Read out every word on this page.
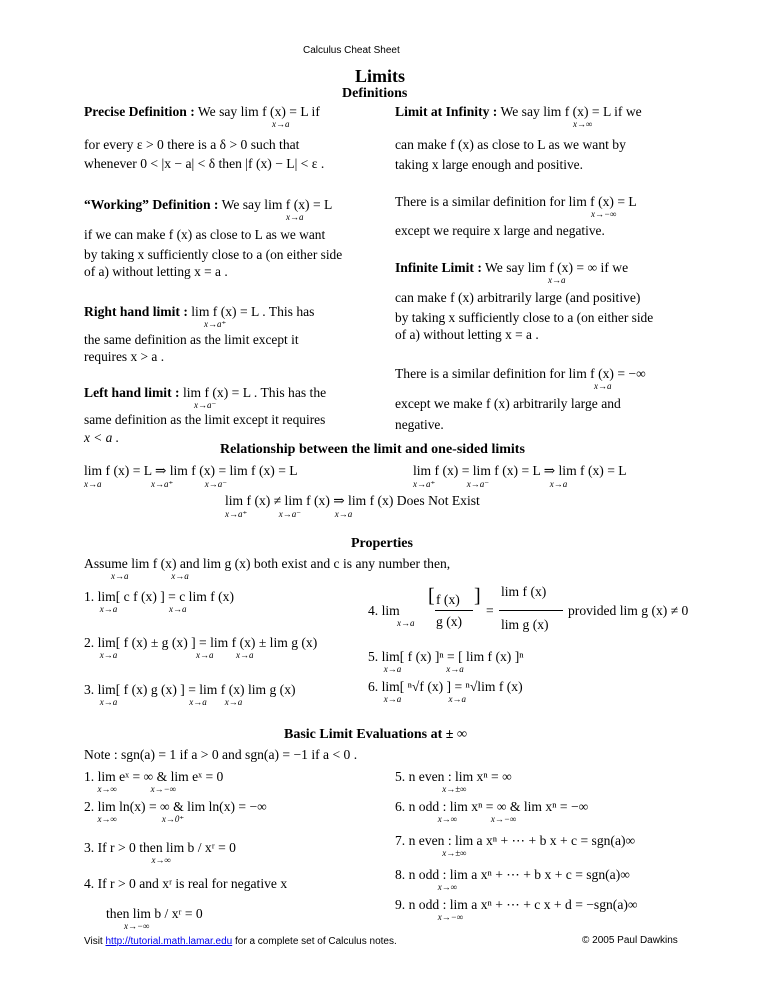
Calculus Cheat Sheet
Limits
Definitions
Precise Definition : We say lim f (x) = L if
x→a
for every ε > 0 there is a δ > 0 such that
whenever 0 < |x − a| < δ then |f (x) − L| < ε .
“Working” Definition : We say lim f (x) = L
x→a
if we can make f (x) as close to L as we want
by taking x sufficiently close to a (on either side
of a) without letting x = a .
Right hand limit : lim f (x) = L . This has
x→a⁺
the same definition as the limit except it
requires x > a .
Left hand limit : lim f (x) = L . This has the
x→a⁻
same definition as the limit except it requires
x < a .
Limit at Infinity : We say lim f (x) = L if we
x→∞
can make f (x) as close to L as we want by
taking x large enough and positive.
There is a similar definition for lim f (x) = L
x→−∞
except we require x large and negative.
Infinite Limit : We say lim f (x) = ∞ if we
x→a
can make f (x) arbitrarily large (and positive)
by taking x sufficiently close to a (on either side
of a) without letting x = a .
There is a similar definition for lim f (x) = −∞
x→a
except we make f (x) arbitrarily large and
negative.
Relationship between the limit and one-sided limits
lim f (x) = L ⇒ lim f (x) = lim f (x) = L
x→a                      x→a⁺              x→a⁻
lim f (x) = lim f (x) = L ⇒ lim f (x) = L
x→a⁺              x→a⁻                           x→a
lim f (x) ≠ lim f (x) ⇒ lim f (x) Does Not Exist
x→a⁺              x→a⁻               x→a
Properties
Assume lim f (x) and lim g (x) both exist and c is any number then,
x→a                   x→a
1. lim[ c f (x) ] = c lim f (x)
x→a                       x→a
2. lim[ f (x) ± g (x) ] = lim f (x) ± lim g (x)
x→a                                   x→a          x→a
3. lim[ f (x) g (x) ] = lim f (x) lim g (x)
x→a                                x→a        x→a
4. lim
x→a
[ f (x)
g (x)
]
=
lim f (x)
lim g (x)
provided lim g (x) ≠ 0
5. lim[ f (x) ]ⁿ = [ lim f (x) ]ⁿ
x→a                    x→a
6. lim[ ⁿ√f (x) ] = ⁿ√lim f (x)
x→a                     x→a
Basic Limit Evaluations at ± ∞
Note : sgn(a) = 1 if a > 0 and sgn(a) = −1 if a < 0 .
1. lim eˣ = ∞ & lim eˣ = 0
x→∞               x→−∞
2. lim ln(x) = ∞ & lim ln(x) = −∞
x→∞                    x→0⁺
3. If r > 0 then lim b / xʳ = 0
x→∞
4. If r > 0 and xʳ is real for negative x
then lim b / xʳ = 0
x→−∞
5. n even : lim xⁿ = ∞
x→±∞
6. n odd : lim xⁿ = ∞ & lim xⁿ = −∞
x→∞               x→−∞
7. n even : lim a xⁿ + ⋯ + b x + c = sgn(a)∞
x→±∞
8. n odd : lim a xⁿ + ⋯ + b x + c = sgn(a)∞
x→∞
9. n odd : lim a xⁿ + ⋯ + c x + d = −sgn(a)∞
x→−∞
Visit http://tutorial.math.lamar.edu for a complete set of Calculus notes.	© 2005 Paul Dawkins
